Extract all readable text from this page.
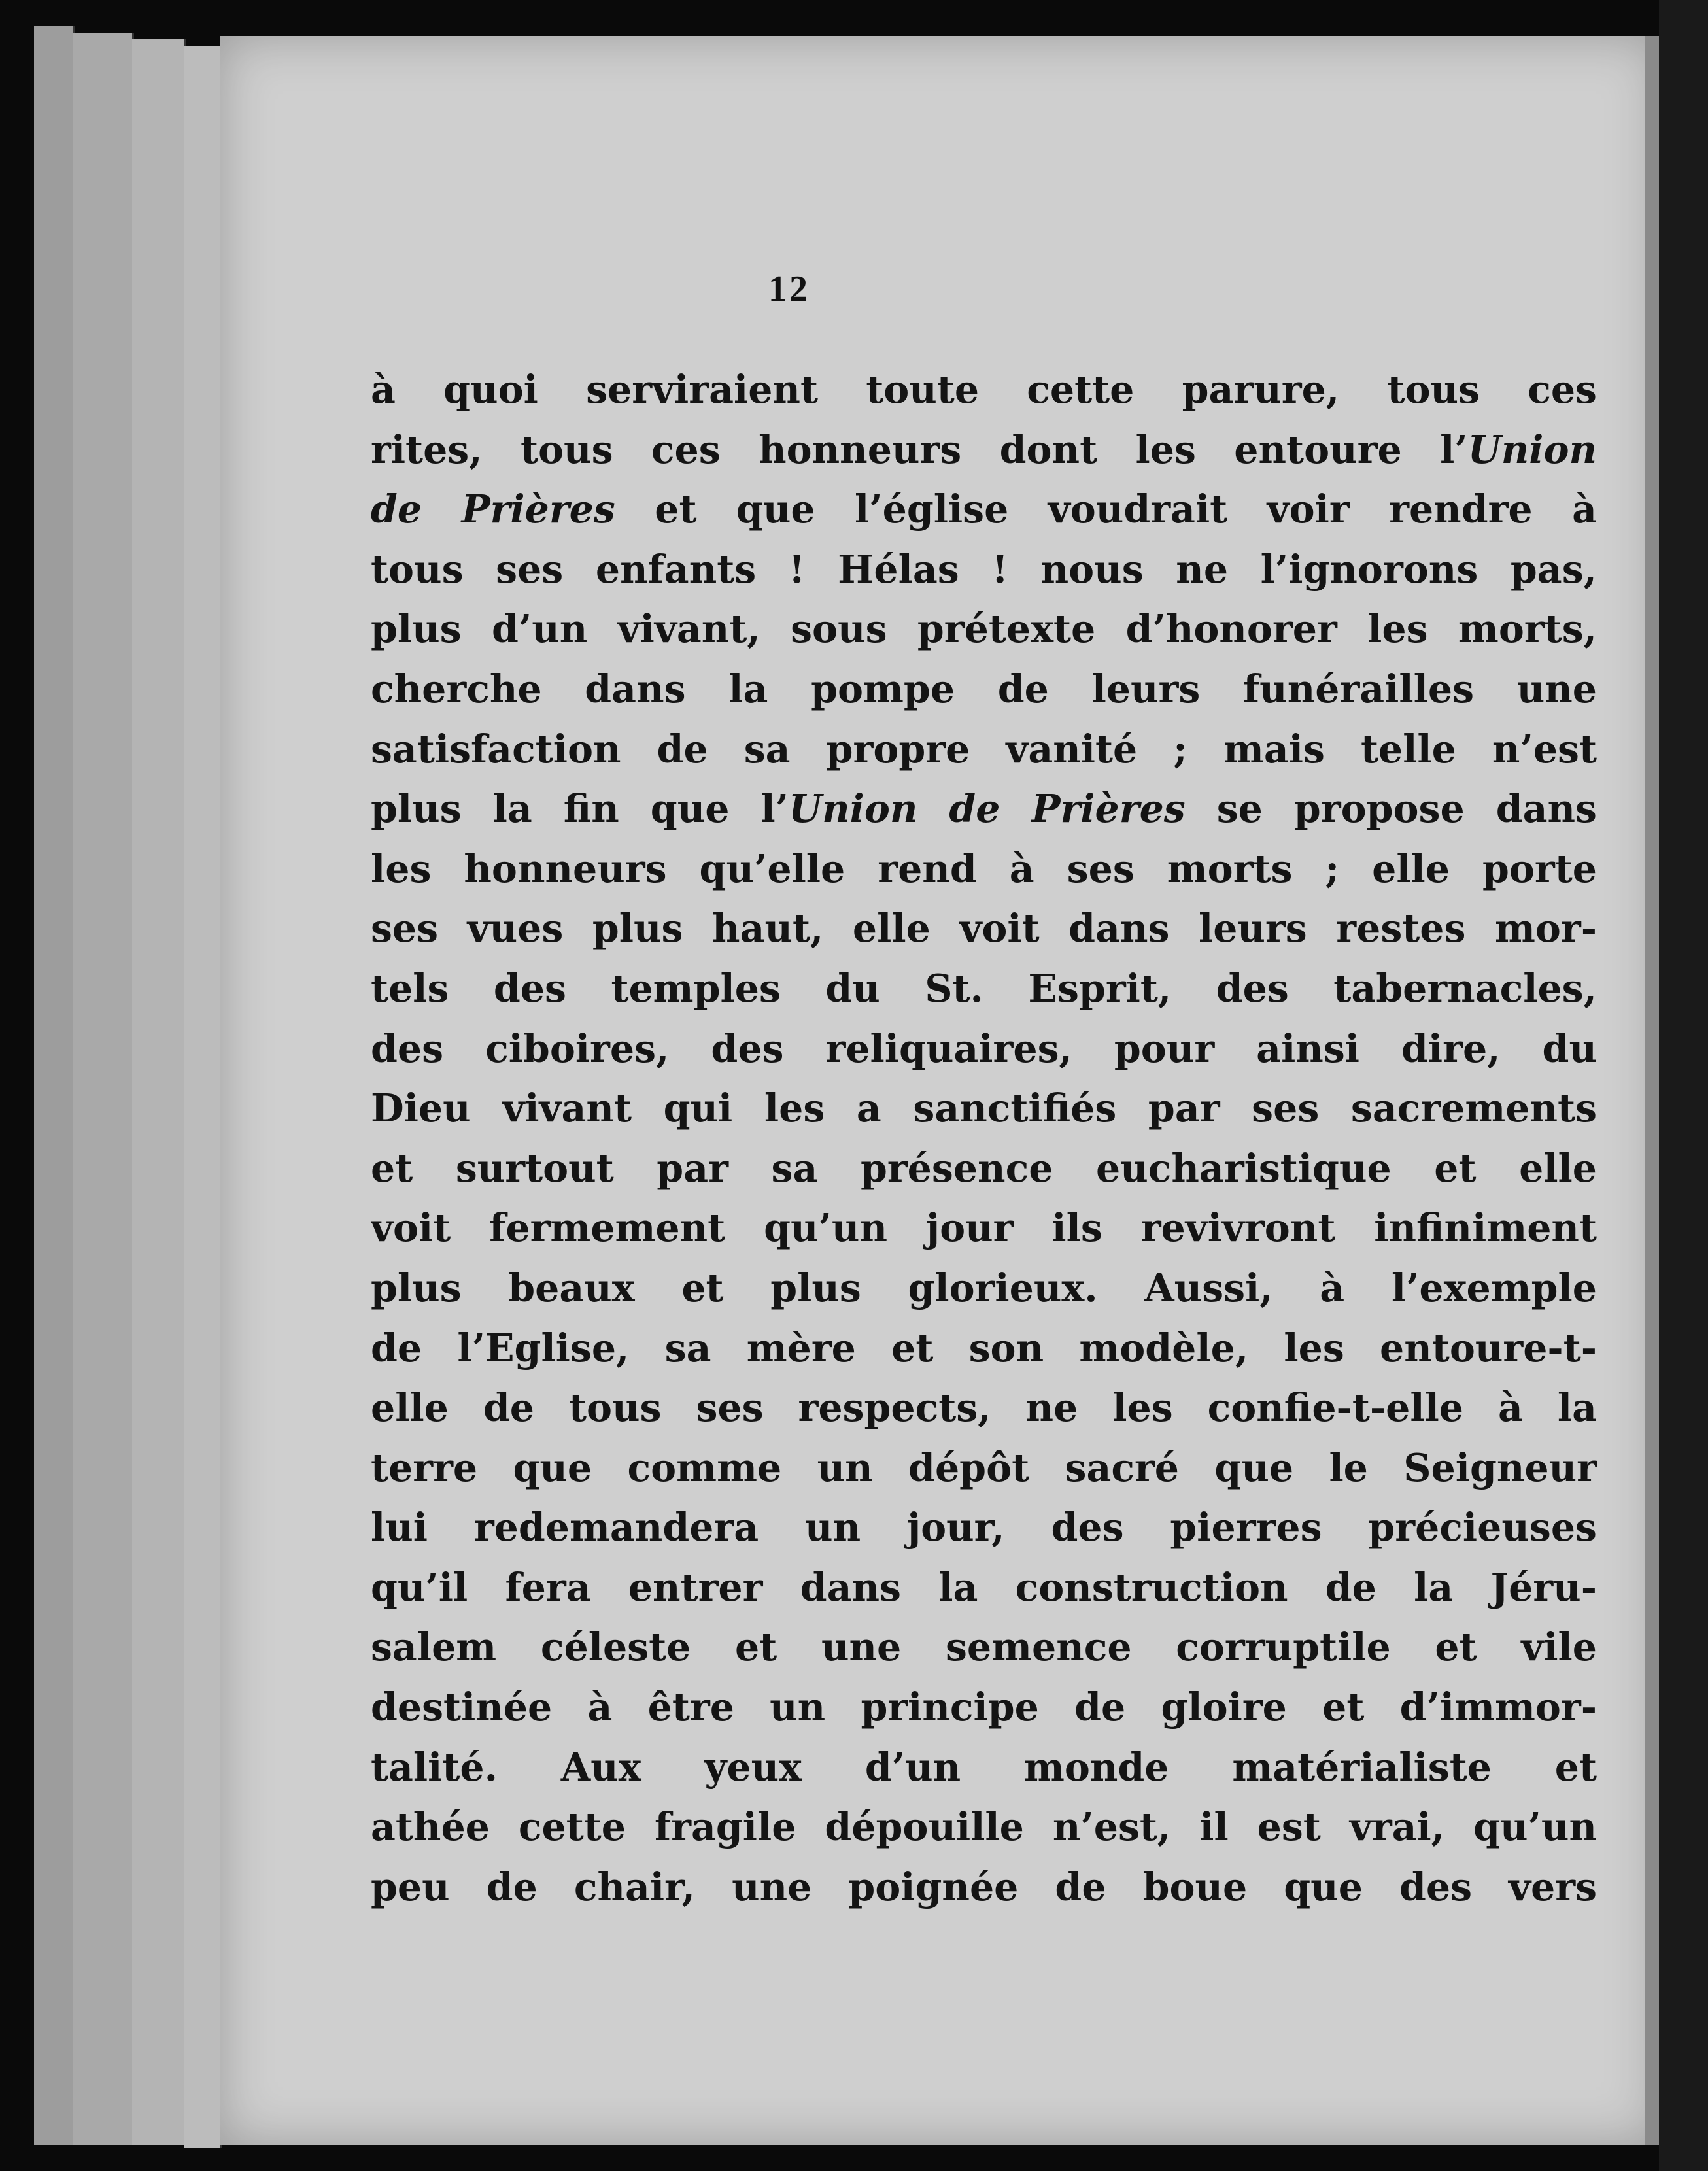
12
à quoi serviraient toute cette parure, tous ces
rites, tous ces honneurs dont les entoure l’Union
de Prières et que l’église voudrait voir rendre à
tous ses enfants ! Hélas ! nous ne l’ignorons pas,
plus d’un vivant, sous prétexte d’honorer les morts,
cherche dans la pompe de leurs funérailles une
satisfaction de sa propre vanité ; mais telle n’est
plus la fin que l’Union de Prières se propose dans
les honneurs qu’elle rend à ses morts ; elle porte
ses vues plus haut, elle voit dans leurs restes mor-
tels des temples du St. Esprit, des tabernacles,
des ciboires, des reliquaires, pour ainsi dire, du
Dieu vivant qui les a sanctifiés par ses sacrements
et surtout par sa présence eucharistique et elle
voit fermement qu’un jour ils revivront infiniment
plus beaux et plus glorieux. Aussi, à l’exemple
de l’Eglise, sa mère et son modèle, les entoure-t-
elle de tous ses respects, ne les confie-t-elle à la
terre que comme un dépôt sacré que le Seigneur
lui redemandera un jour, des pierres précieuses
qu’il fera entrer dans la construction de la Jéru-
salem céleste et une semence corruptile et vile
destinée à être un principe de gloire et d’immor-
talité. Aux yeux d’un monde matérialiste et
athée cette fragile dépouille n’est, il est vrai, qu’un
peu de chair, une poignée de boue que des vers
